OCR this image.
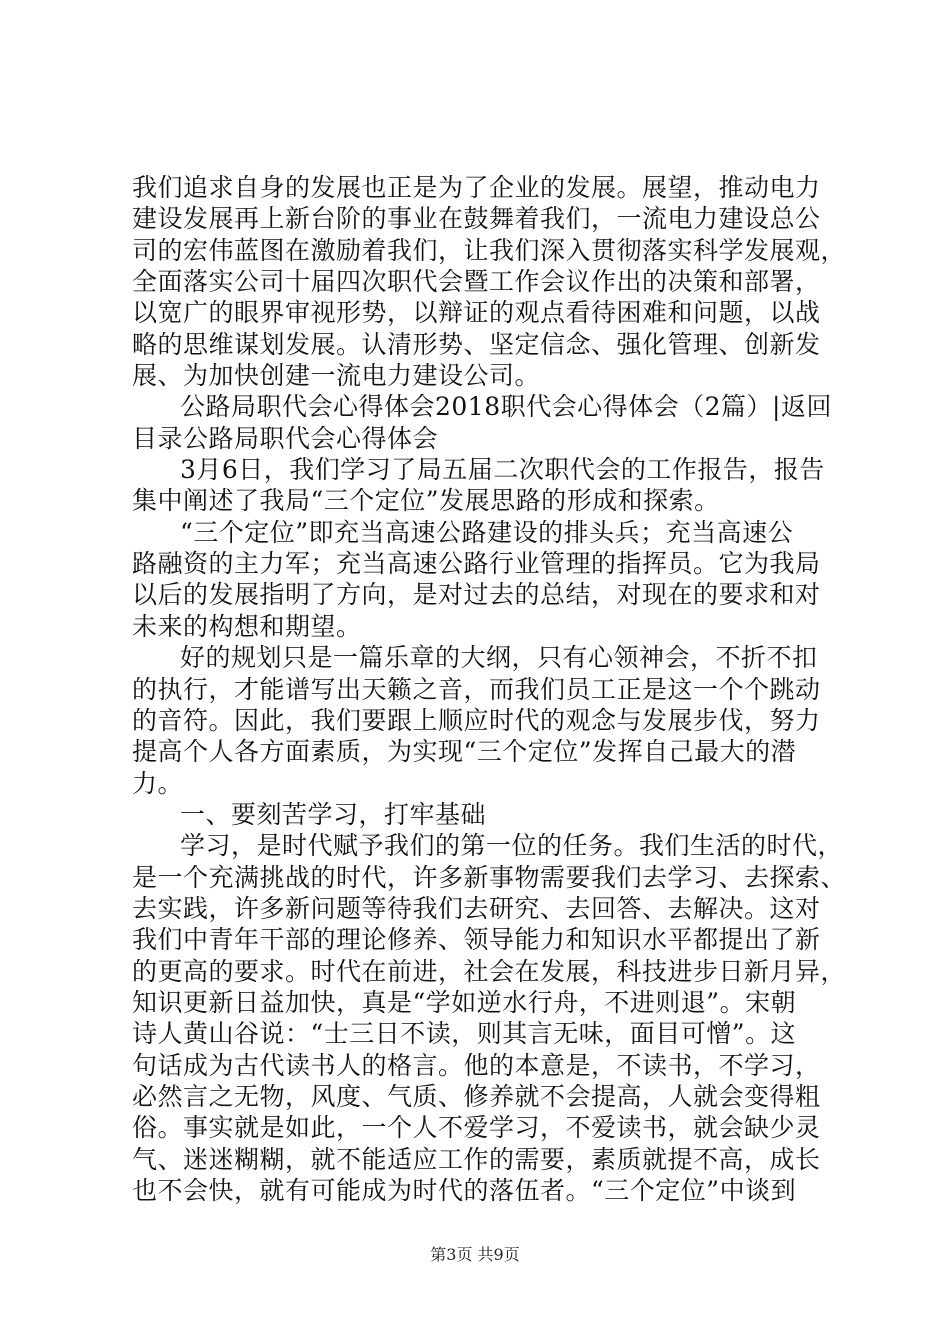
我们追求自身的发展也正是为了企业的发展。展望，推动电力
建设发展再上新台阶的事业在鼓舞着我们，一流电力建设总公
司的宏伟蓝图在激励着我们，让我们深入贯彻落实科学发展观，
全面落实公司十届四次职代会暨工作会议作出的决策和部署，
以宽广的眼界审视形势，以辩证的观点看待困难和问题，以战
略的思维谋划发展。认清形势、坚定信念、强化管理、创新发
展、为加快创建一流电力建设公司。
公路局职代会心得体会2018职代会心得体会（2篇）|返回
目录公路局职代会心得体会
3月6日，我们学习了局五届二次职代会的工作报告，报告
集中阐述了我局“三个定位”发展思路的形成和探索。
“三个定位”即充当高速公路建设的排头兵；充当高速公
路融资的主力军；充当高速公路行业管理的指挥员。它为我局
以后的发展指明了方向，是对过去的总结，对现在的要求和对
未来的构想和期望。
好的规划只是一篇乐章的大纲，只有心领神会，不折不扣
的执行，才能谱写出天籁之音，而我们员工正是这一个个跳动
的音符。因此，我们要跟上顺应时代的观念与发展步伐，努力
提高个人各方面素质，为实现“三个定位”发挥自己最大的潜
力。
一、要刻苦学习，打牢基础
学习，是时代赋予我们的第一位的任务。我们生活的时代，
是一个充满挑战的时代，许多新事物需要我们去学习、去探索、
去实践，许多新问题等待我们去研究、去回答、去解决。这对
我们中青年干部的理论修养、领导能力和知识水平都提出了新
的更高的要求。时代在前进，社会在发展，科技进步日新月异，
知识更新日益加快，真是“学如逆水行舟，不进则退”。宋朝
诗人黄山谷说：“士三日不读，则其言无味，面目可憎”。这
句话成为古代读书人的格言。他的本意是，不读书，不学习，
必然言之无物，风度、气质、修养就不会提高，人就会变得粗
俗。事实就是如此，一个人不爱学习，不爱读书，就会缺少灵
气、迷迷糊糊，就不能适应工作的需要，素质就提不高，成长
也不会快，就有可能成为时代的落伍者。“三个定位”中谈到
第3页 共9页
